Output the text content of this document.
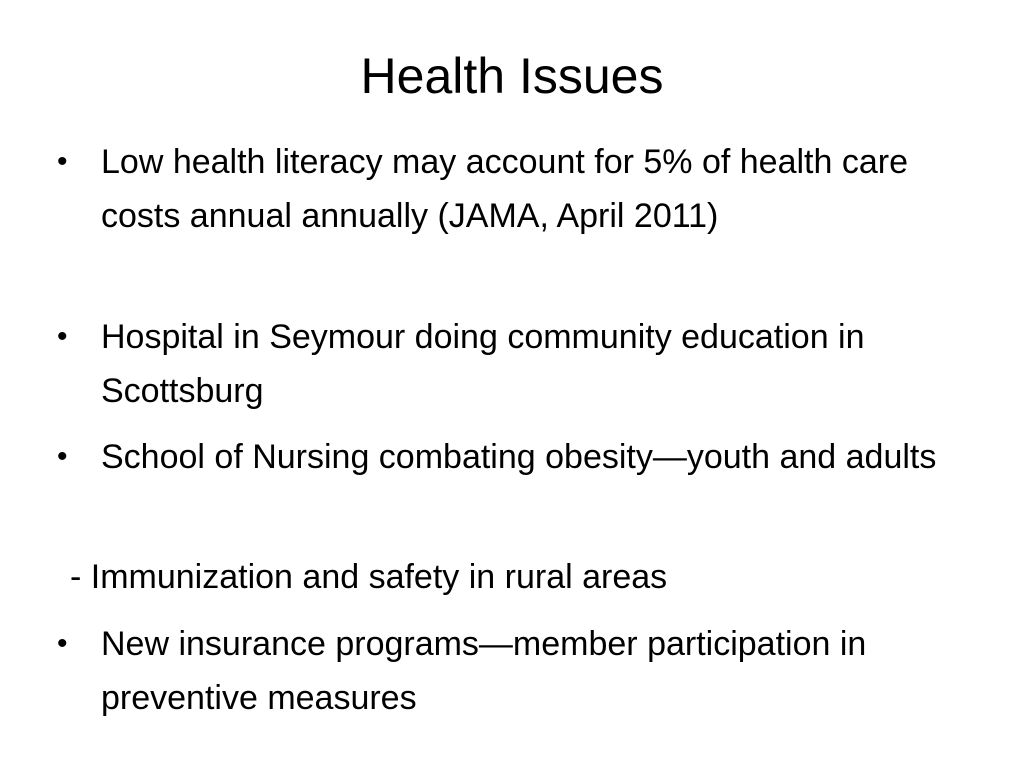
Health Issues
• Low health literacy may account for 5% of health care costs annual annually (JAMA, April 2011)
• Hospital in Seymour doing community education in Scottsburg
• School of Nursing combating obesity—youth and adults
- Immunization and safety in rural areas
• New insurance programs—member participation in preventive measures
